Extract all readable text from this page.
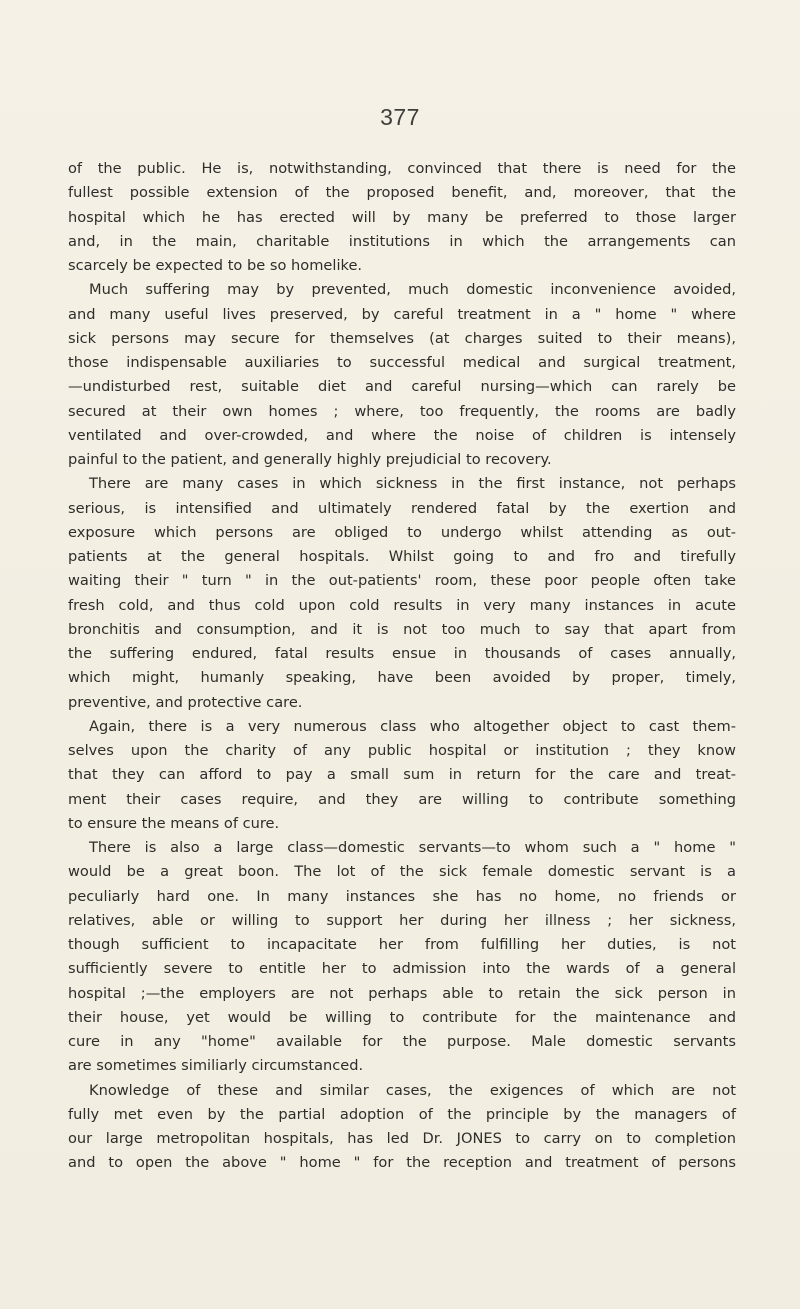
377
of the public. He is, notwithstanding, convinced that there is need for the
fullest possible extension of the proposed benefit, and, moreover, that the
hospital which he has erected will by many be preferred to those larger
and, in the main, charitable institutions in which the arrangements can
scarcely be expected to be so homelike.
Much suffering may by prevented, much domestic inconvenience avoided,
and many useful lives preserved, by careful treatment in a " home " where
sick persons may secure for themselves (at charges suited to their means),
those indispensable auxiliaries to successful medical and surgical treatment,
—undisturbed rest, suitable diet and careful nursing—which can rarely be
secured at their own homes ; where, too frequently, the rooms are badly
ventilated and over-crowded, and where the noise of children is intensely
painful to the patient, and generally highly prejudicial to recovery.
There are many cases in which sickness in the first instance, not perhaps
serious, is intensified and ultimately rendered fatal by the exertion and
exposure which persons are obliged to undergo whilst attending as out-
patients at the general hospitals. Whilst going to and fro and tirefully
waiting their " turn " in the out-patients' room, these poor people often take
fresh cold, and thus cold upon cold results in very many instances in acute
bronchitis and consumption, and it is not too much to say that apart from
the suffering endured, fatal results ensue in thousands of cases annually,
which might, humanly speaking, have been avoided by proper, timely,
preventive, and protective care.
Again, there is a very numerous class who altogether object to cast them-
selves upon the charity of any public hospital or institution ; they know
that they can afford to pay a small sum in return for the care and treat-
ment their cases require, and they are willing to contribute something
to ensure the means of cure.
There is also a large class—domestic servants—to whom such a " home "
would be a great boon. The lot of the sick female domestic servant is a
peculiarly hard one. In many instances she has no home, no friends or
relatives, able or willing to support her during her illness ; her sickness,
though sufficient to incapacitate her from fulfilling her duties, is not
sufficiently severe to entitle her to admission into the wards of a general
hospital ;—the employers are not perhaps able to retain the sick person in
their house, yet would be willing to contribute for the maintenance and
cure in any "home" available for the purpose. Male domestic servants
are sometimes similiarly circumstanced.
Knowledge of these and similar cases, the exigences of which are not
fully met even by the partial adoption of the principle by the managers of
our large metropolitan hospitals, has led Dr. JONES to carry on to completion
and to open the above " home " for the reception and treatment of persons
